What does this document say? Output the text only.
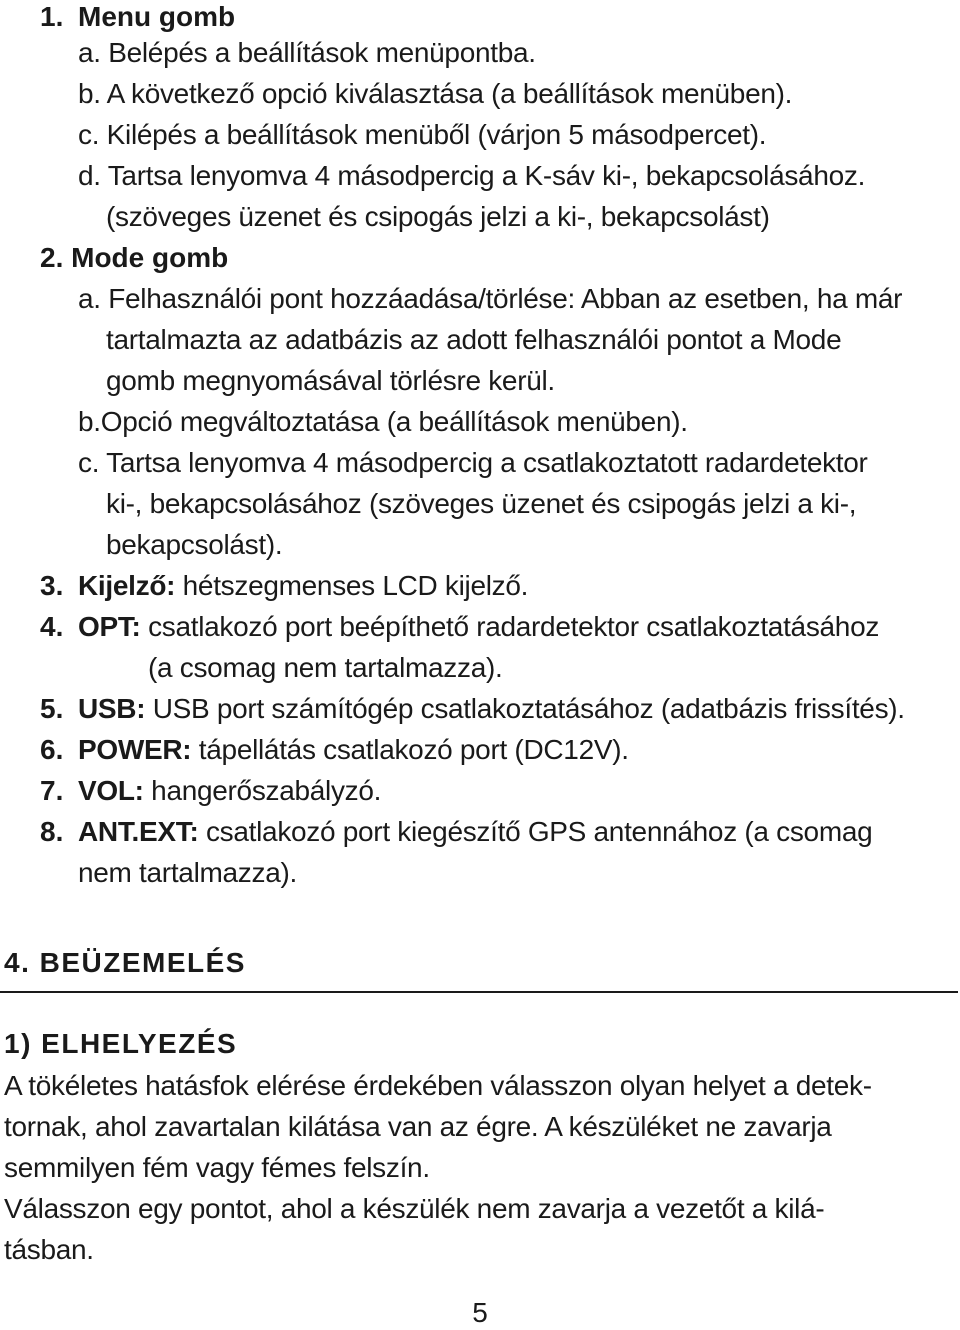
1. Menu gomb
a. Belépés a beállítások menüpontba.
b. A következő opció kiválasztása (a beállítások menüben).
c. Kilépés a beállítások menüből (várjon 5 másodpercet).
d. Tartsa lenyomva 4 másodpercig a K-sáv ki-, bekapcsolásához.
(szöveges üzenet és csipogás jelzi a ki-, bekapcsolást)
2. Mode gomb
a. Felhasználói pont hozzáadása/törlése: Abban az esetben, ha már
tartalmazta az adatbázis az adott felhasználói pontot a Mode
gomb megnyomásával törlésre kerül.
b.Opció megváltoztatása (a beállítások menüben).
c. Tartsa lenyomva 4 másodpercig a csatlakoztatott radardetektor
ki-, bekapcsolásához (szöveges üzenet és csipogás jelzi a ki-,
bekapcsolást).
3. Kijelző: hétszegmenses LCD kijelző.
4. OPT: csatlakozó port beépíthető radardetektor csatlakoztatásához
(a csomag nem tartalmazza).
5. USB: USB port számítógép csatlakoztatásához (adatbázis frissítés).
6. POWER: tápellátás csatlakozó port (DC12V).
7. VOL: hangerőszabályzó.
8. ANT.EXT: csatlakozó port kiegészítő GPS antennához (a csomag
nem tartalmazza).
4. BEÜZEMELÉS
1) ELHELYEZÉS
A tökéletes hatásfok elérése érdekében válasszon olyan helyet a detek-
tornak, ahol zavartalan kilátása van az égre. A készüléket ne zavarja
semmilyen fém vagy fémes felszín.
Válasszon egy pontot, ahol a készülék nem zavarja a vezetőt a kilá-
tásban.
5
